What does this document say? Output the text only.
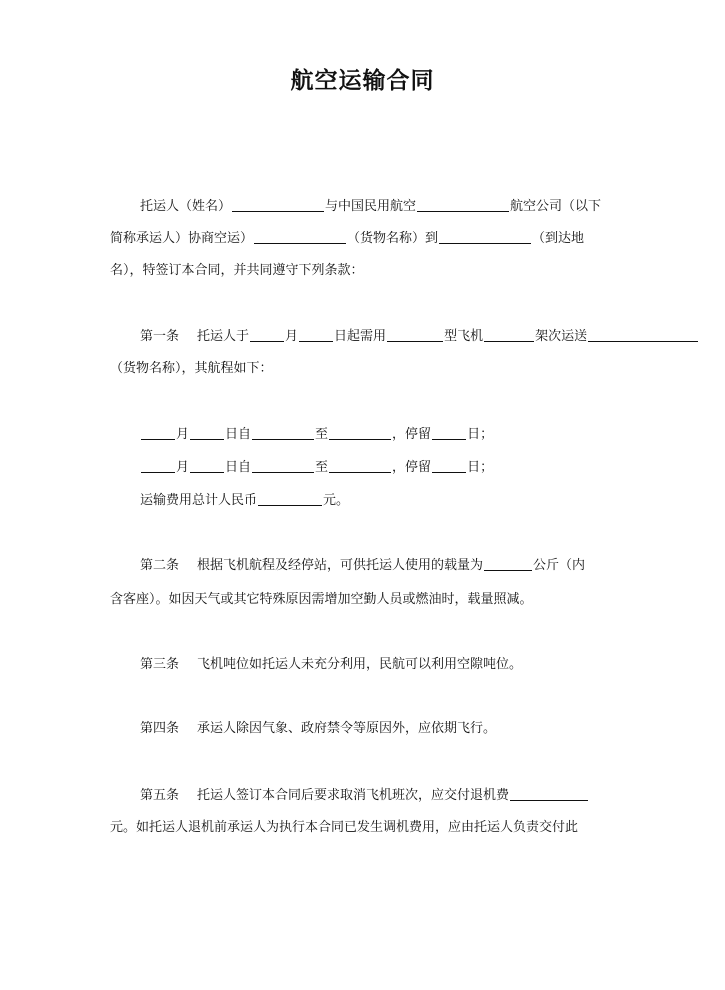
航空运输合同
托运人（姓名）	与中国民用航空	航空公司（以下
简称承运人）协商空运）	（货物名称）到	（到达地
名），特签订本合同，并共同遵守下列条款：
第一条 托运人于	月	日起需用	型飞机	架次运送
（货物名称），其航程如下：
月	日自	至	，停留	日；
月	日自	至	，停留	日；
运输费用总计人民币	元。
第二条 根据飞机航程及经停站，可供托运人使用的载量为	公斤（内
含客座）。如因天气或其它特殊原因需增加空勤人员或燃油时，载量照减。
第三条 飞机吨位如托运人未充分利用，民航可以利用空隙吨位。
第四条 承运人除因气象、政府禁令等原因外，应依期飞行。
第五条 托运人签订本合同后要求取消飞机班次，应交付退机费
元。如托运人退机前承运人为执行本合同已发生调机费用，应由托运人负责交付此
